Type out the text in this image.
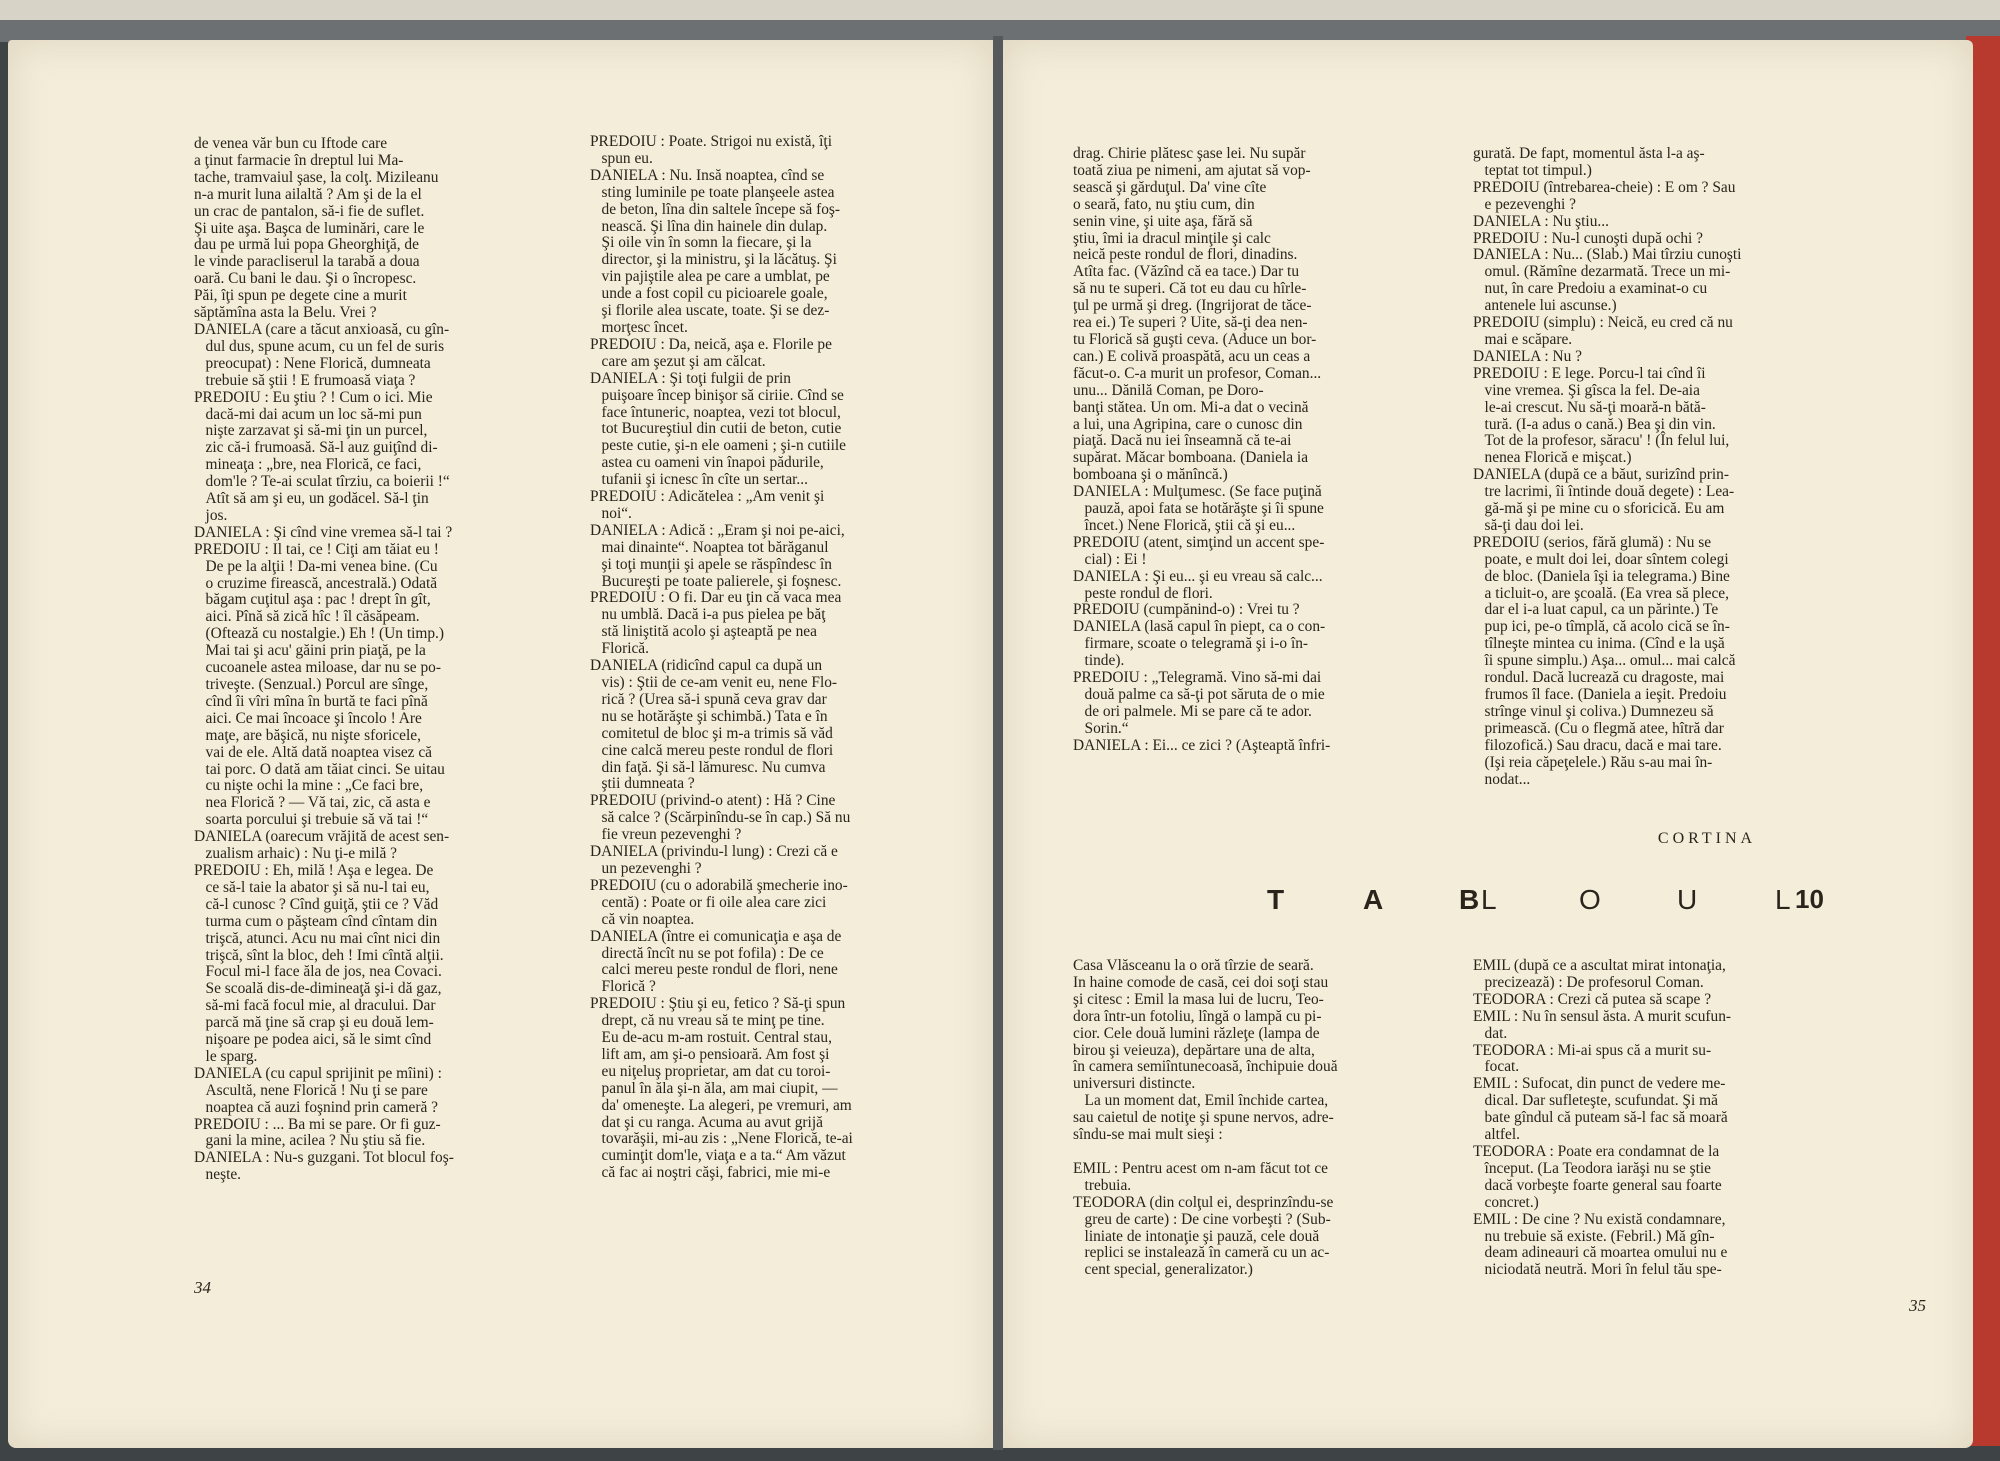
de venea văr bun cu Iftode care
a ţinut farmacie în dreptul lui Ma-
tache, tramvaiul şase, la colţ. Mizileanu
n-a murit luna ailaltă ? Am şi de la el
un crac de pantalon, să-i fie de suflet.
Şi uite aşa. Başca de luminări, care le
dau pe urmă lui popa Gheorghiţă, de
le vinde paracliserul la tarabă a doua
oară. Cu bani le dau. Şi o încropesc.
Păi, îţi spun pe degete cine a murit
săptămîna asta la Belu. Vrei ?
DANIELA (care a tăcut anxioasă, cu gîn-
dul dus, spune acum, cu un fel de suris
preocupat) : Nene Florică, dumneata
trebuie să ştii ! E frumoasă viaţa ?
PREDOIU : Eu ştiu ? ! Cum o ici. Mie
dacă-mi dai acum un loc să-mi pun
nişte zarzavat şi să-mi ţin un purcel,
zic că-i frumoasă. Să-l auz guiţînd di-
mineaţa : „bre, nea Florică, ce faci,
dom'le ? Te-ai sculat tîrziu, ca boierii !“
Atît să am şi eu, un godăcel. Să-l ţin
jos.
DANIELA : Şi cînd vine vremea să-l tai ?
PREDOIU : Il tai, ce ! Ciţi am tăiat eu !
De pe la alţii ! Da-mi venea bine. (Cu
o cruzime firească, ancestrală.) Odată
băgam cuţitul aşa : pac ! drept în gît,
aici. Pînă să zică hîc ! îl căsăpeam.
(Oftează cu nostalgie.) Eh ! (Un timp.)
Mai tai şi acu' găini prin piaţă, pe la
cucoanele astea miloase, dar nu se po-
triveşte. (Senzual.) Porcul are sînge,
cînd îi vîri mîna în burtă te faci pînă
aici. Ce mai încoace şi încolo ! Are
maţe, are băşică, nu nişte sforicele,
vai de ele. Altă dată noaptea visez că
tai porc. O dată am tăiat cinci. Se uitau
cu nişte ochi la mine : „Ce faci bre,
nea Florică ? — Vă tai, zic, că asta e
soarta porcului şi trebuie să vă tai !“
DANIELA (oarecum vrăjită de acest sen-
zualism arhaic) : Nu ţi-e milă ?
PREDOIU : Eh, milă ! Aşa e legea. De
ce să-l taie la abator şi să nu-l tai eu,
că-l cunosc ? Cînd guiţă, ştii ce ? Văd
turma cum o păşteam cînd cîntam din
trişcă, atunci. Acu nu mai cînt nici din
trişcă, sînt la bloc, deh ! Imi cîntă alţii.
Focul mi-l face ăla de jos, nea Covaci.
Se scoală dis-de-dimineaţă şi-i dă gaz,
să-mi facă focul mie, al dracului. Dar
parcă mă ţine să crap şi eu două lem-
nişoare pe podea aici, să le simt cînd
le sparg.
DANIELA (cu capul sprijinit pe mîini) :
Ascultă, nene Florică ! Nu ţi se pare
noaptea că auzi foşnind prin cameră ?
PREDOIU : ... Ba mi se pare. Or fi guz-
gani la mine, acilea ? Nu ştiu să fie.
DANIELA : Nu-s guzgani. Tot blocul foş-
neşte.
PREDOIU : Poate. Strigoi nu există, îţi
spun eu.
DANIELA : Nu. Insă noaptea, cînd se
sting luminile pe toate planşeele astea
de beton, lîna din saltele începe să foş-
nească. Şi lîna din hainele din dulap.
Şi oile vin în somn la fiecare, şi la
director, şi la ministru, şi la lăcătuş. Şi
vin pajiştile alea pe care a umblat, pe
unde a fost copil cu picioarele goale,
şi florile alea uscate, toate. Şi se dez-
morţesc încet.
PREDOIU : Da, neică, aşa e. Florile pe
care am şezut şi am călcat.
DANIELA : Şi toţi fulgii de prin
puişoare încep binişor să ciriie. Cînd se
face întuneric, noaptea, vezi tot blocul,
tot Bucureştiul din cutii de beton, cutie
peste cutie, şi-n ele oameni ; şi-n cutiile
astea cu oameni vin înapoi pădurile,
tufanii şi icnesc în cîte un sertar...
PREDOIU : Adicătelea : „Am venit şi
noi“.
DANIELA : Adică : „Eram şi noi pe-aici,
mai dinainte“. Noaptea tot bărăganul
şi toţi munţii şi apele se răspîndesc în
Bucureşti pe toate palierele, şi foşnesc.
PREDOIU : O fi. Dar eu ţin că vaca mea
nu umblă. Dacă i-a pus pielea pe băţ
stă liniştită acolo şi aşteaptă pe nea
Florică.
DANIELA (ridicînd capul ca după un
vis) : Ştii de ce-am venit eu, nene Flo-
rică ? (Urea să-i spună ceva grav dar
nu se hotărăşte şi schimbă.) Tata e în
comitetul de bloc şi m-a trimis să văd
cine calcă mereu peste rondul de flori
din faţă. Şi să-l lămuresc. Nu cumva
ştii dumneata ?
PREDOIU (privind-o atent) : Hă ? Cine
să calce ? (Scărpinîndu-se în cap.) Să nu
fie vreun pezevenghi ?
DANIELA (privindu-l lung) : Crezi că e
un pezevenghi ?
PREDOIU (cu o adorabilă şmecherie ino-
centă) : Poate or fi oile alea care zici
că vin noaptea.
DANIELA (între ei comunicaţia e aşa de
directă încît nu se pot fofila) : De ce
calci mereu peste rondul de flori, nene
Florică ?
PREDOIU : Ştiu şi eu, fetico ? Să-ţi spun
drept, că nu vreau să te minţ pe tine.
Eu de-acu m-am rostuit. Central stau,
lift am, am şi-o pensioară. Am fost şi
eu niţeluş proprietar, am dat cu toroi-
panul în ăla şi-n ăla, am mai ciupit, —
da' omeneşte. La alegeri, pe vremuri, am
dat şi cu ranga. Acuma au avut grijă
tovarăşii, mi-au zis : „Nene Florică, te-ai
cuminţit dom'le, viaţa e a ta.“ Am văzut
că fac ai noştri căşi, fabrici, mie mi-e
34
drag. Chirie plătesc şase lei. Nu supăr
toată ziua pe nimeni, am ajutat să vop-
sească şi gărduţul. Da' vine cîte
o seară, fato, nu ştiu cum, din
senin vine, şi uite aşa, fără să
ştiu, îmi ia dracul minţile şi calc
neică peste rondul de flori, dinadins.
Atîta fac. (Văzînd că ea tace.) Dar tu
să nu te superi. Că tot eu dau cu hîrle-
ţul pe urmă şi dreg. (Ingrijorat de tăce-
rea ei.) Te superi ? Uite, să-ţi dea nen-
tu Florică să guşti ceva. (Aduce un bor-
can.) E colivă proaspătă, acu un ceas a
făcut-o. C-a murit un profesor, Coman...
unu... Dănilă Coman, pe Doro-
banţi stătea. Un om. Mi-a dat o vecină
a lui, una Agripina, care o cunosc din
piaţă. Dacă nu iei înseamnă că te-ai
supărat. Măcar bomboana. (Daniela ia
bomboana şi o mănîncă.)
DANIELA : Mulţumesc. (Se face puţină
pauză, apoi fata se hotărăşte şi îi spune
încet.) Nene Florică, ştii că şi eu...
PREDOIU (atent, simţind un accent spe-
cial) : Ei !
DANIELA : Şi eu... şi eu vreau să calc...
peste rondul de flori.
PREDOIU (cumpănind-o) : Vrei tu ?
DANIELA (lasă capul în piept, ca o con-
firmare, scoate o telegramă şi i-o în-
tinde).
PREDOIU : „Telegramă. Vino să-mi dai
două palme ca să-ţi pot săruta de o mie
de ori palmele. Mi se pare că te ador.
Sorin.“
DANIELA : Ei... ce zici ? (Aşteaptă înfri-
gurată. De fapt, momentul ăsta l-a aş-
teptat tot timpul.)
PREDOIU (întrebarea-cheie) : E om ? Sau
e pezevenghi ?
DANIELA : Nu ştiu...
PREDOIU : Nu-l cunoşti după ochi ?
DANIELA : Nu... (Slab.) Mai tîrziu cunoşti
omul. (Rămîne dezarmată. Trece un mi-
nut, în care Predoiu a examinat-o cu
antenele lui ascunse.)
PREDOIU (simplu) : Neică, eu cred că nu
mai e scăpare.
DANIELA : Nu ?
PREDOIU : E lege. Porcu-l tai cînd îi
vine vremea. Şi gîsca la fel. De-aia
le-ai crescut. Nu să-ţi moară-n bătă-
tură. (I-a adus o cană.) Bea şi din vin.
Tot de la profesor, săracu' ! (În felul lui,
nenea Florică e mişcat.)
DANIELA (după ce a băut, surizînd prin-
tre lacrimi, îi întinde două degete) : Lea-
gă-mă şi pe mine cu o sforicică. Eu am
să-ţi dau doi lei.
PREDOIU (serios, fără glumă) : Nu se
poate, e mult doi lei, doar sîntem colegi
de bloc. (Daniela îşi ia telegrama.) Bine
a ticluit-o, are şcoală. (Ea vrea să plece,
dar el i-a luat capul, ca un părinte.) Te
pup ici, pe-o tîmplă, că acolo cică se în-
tîlneşte mintea cu inima. (Cînd e la uşă
îi spune simplu.) Aşa... omul... mai calcă
rondul. Dacă lucrează cu dragoste, mai
frumos îl face. (Daniela a ieşit. Predoiu
strînge vinul şi coliva.) Dumnezeu să
primească. (Cu o flegmă atee, hîtră dar
filozofică.) Sau dracu, dacă e mai tare.
(Işi reia căpeţelele.) Rău s-au mai în-
nodat...
CORTINA
T	A	B L	O	U	L 10
Casa Vlăsceanu la o oră tîrzie de seară.
In haine comode de casă, cei doi soţi stau
şi citesc : Emil la masa lui de lucru, Teo-
dora într-un fotoliu, lîngă o lampă cu pi-
cior. Cele două lumini răzleţe (lampa de
birou şi veieuza), depărtare una de alta,
în camera semiîntunecoasă, închipuie două
universuri distincte.
La un moment dat, Emil închide cartea,
sau caietul de notiţe şi spune nervos, adre-
sîndu-se mai mult sieşi :

EMIL : Pentru acest om n-am făcut tot ce
trebuia.
TEODORA (din colţul ei, desprinzîndu-se
greu de carte) : De cine vorbeşti ? (Sub-
liniate de intonaţie şi pauză, cele două
replici se instalează în cameră cu un ac-
cent special, generalizator.)
EMIL (după ce a ascultat mirat intonaţia,
precizează) : De profesorul Coman.
TEODORA : Crezi că putea să scape ?
EMIL : Nu în sensul ăsta. A murit scufun-
dat.
TEODORA : Mi-ai spus că a murit su-
focat.
EMIL : Sufocat, din punct de vedere me-
dical. Dar sufleteşte, scufundat. Şi mă
bate gîndul că puteam să-l fac să moară
altfel.
TEODORA : Poate era condamnat de la
început. (La Teodora iarăşi nu se ştie
dacă vorbeşte foarte general sau foarte
concret.)
EMIL : De cine ? Nu există condamnare,
nu trebuie să existe. (Febril.) Mă gîn-
deam adineauri că moartea omului nu e
niciodată neutră. Mori în felul tău spe-
35
